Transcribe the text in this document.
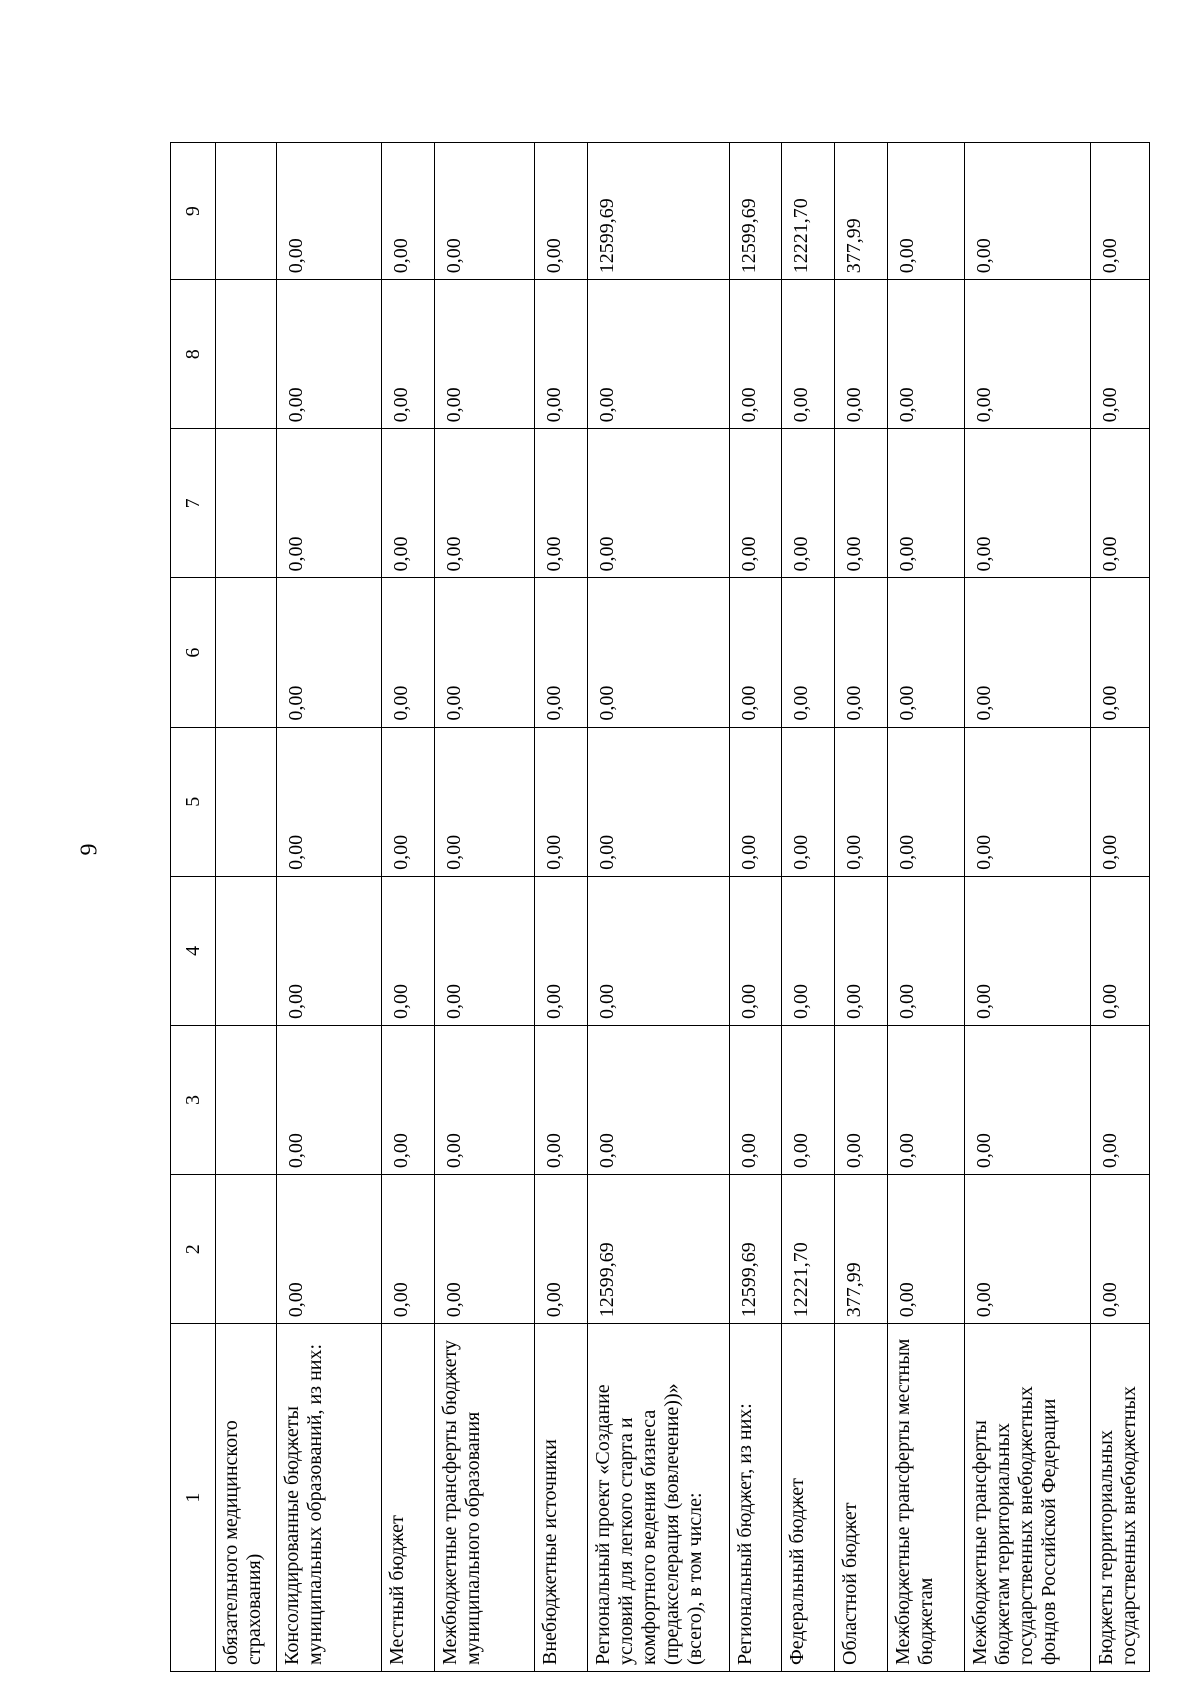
9
1	2	3	4	5	6	7	8	9
обязательного медицинского страхования)								
Консолидированные бюджеты муниципальных образований, из них:	0,00	0,00	0,00	0,00	0,00	0,00	0,00	0,00
Местный бюджет	0,00	0,00	0,00	0,00	0,00	0,00	0,00	0,00
Межбюджетные трансферты бюджету муниципального образования	0,00	0,00	0,00	0,00	0,00	0,00	0,00	0,00
Внебюджетные источники	0,00	0,00	0,00	0,00	0,00	0,00	0,00	0,00
Региональный проект «Создание условий для легкого старта и комфортного ведения бизнеса (предакселерация (вовлечение))» (всего), в том числе:	12599,69	0,00	0,00	0,00	0,00	0,00	0,00	12599,69
Региональный бюджет, из них:	12599,69	0,00	0,00	0,00	0,00	0,00	0,00	12599,69
Федеральный бюджет	12221,70	0,00	0,00	0,00	0,00	0,00	0,00	12221,70
Областной бюджет	377,99	0,00	0,00	0,00	0,00	0,00	0,00	377,99
Межбюджетные трансферты местным бюджетам	0,00	0,00	0,00	0,00	0,00	0,00	0,00	0,00
Межбюджетные трансферты бюджетам территориальных государственных внебюджетных фондов Российской Федерации	0,00	0,00	0,00	0,00	0,00	0,00	0,00	0,00
Бюджеты территориальных государственных внебюджетных	0,00	0,00	0,00	0,00	0,00	0,00	0,00	0,00
